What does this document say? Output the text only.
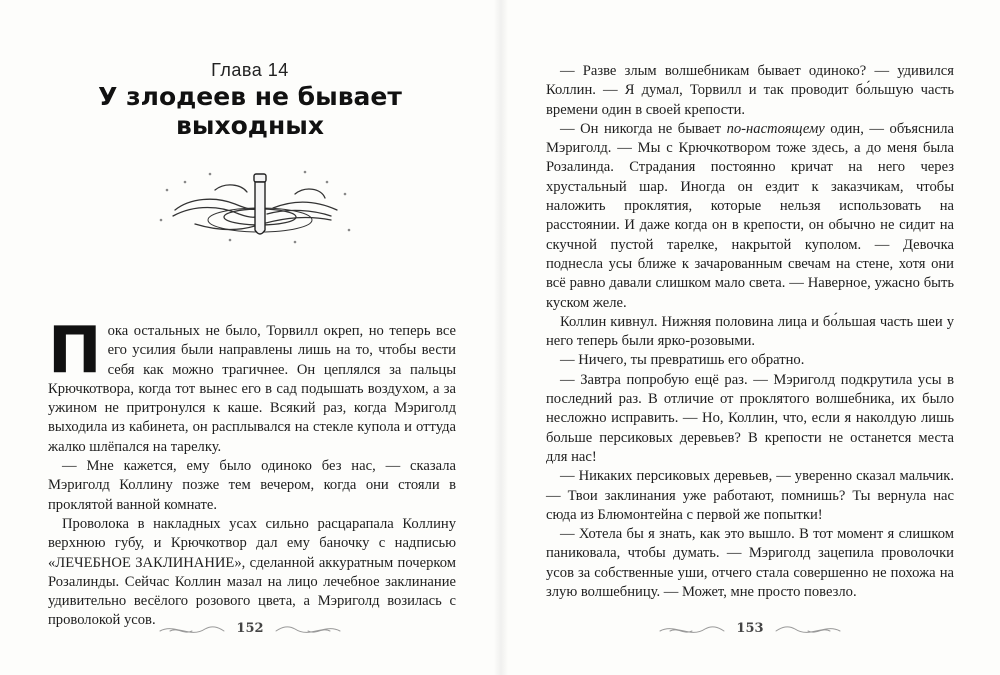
Глава 14
У злодеев не бывает
выходных

Пока остальных не было, Торвилл окреп, но теперь все его усилия были направлены лишь на то, чтобы вести себя как можно трагичнее. Он цеплялся за пальцы Крючкотвора, когда тот вынес его в сад подышать воздухом, а за ужином не притронулся к каше. Всякий раз, когда Мэриголд выходила из кабинета, он расплывался на стекле купола и оттуда жалко шлёпался на тарелку.

— Мне кажется, ему было одиноко без нас, — сказала Мэриголд Коллину позже тем вечером, когда они стояли в проклятой ванной комнате.

Проволока в накладных усах сильно расцарапала Коллину верхнюю губу, и Крючкотвор дал ему баночку с надписью «ЛЕЧЕБНОЕ ЗАКЛИНАНИЕ», сделанной аккуратным почерком Розалинды. Сейчас Коллин мазал на лицо лечебное заклинание удивительно весёлого розового цвета, а Мэриголд возилась с проволокой усов.

152

— Разве злым волшебникам бывает одиноко? — удивился Коллин. — Я думал, Торвилл и так проводит бо́льшую часть времени один в своей крепости.

— Он никогда не бывает по-настоящему один, — объяснила Мэриголд. — Мы с Крючкотвором тоже здесь, а до меня была Розалинда. Страдания постоянно кричат на него через хрустальный шар. Иногда он ездит к заказчикам, чтобы наложить проклятия, которые нельзя использовать на расстоянии. И даже когда он в крепости, он обычно не сидит на скучной пустой тарелке, накрытой куполом. — Девочка поднесла усы ближе к зачарованным свечам на стене, хотя они всё равно давали слишком мало света. — Наверное, ужасно быть куском желе.

Коллин кивнул. Нижняя половина лица и бо́льшая часть шеи у него теперь были ярко-розовыми.

— Ничего, ты превратишь его обратно.

— Завтра попробую ещё раз. — Мэриголд подкрутила усы в последний раз. В отличие от проклятого волшебника, их было несложно исправить. — Но, Коллин, что, если я наколдую лишь больше персиковых деревьев? В крепости не останется места для нас!

— Никаких персиковых деревьев, — уверенно сказал мальчик. — Твои заклинания уже работают, помнишь? Ты вернула нас сюда из Блюмонтейна с первой же попытки!

— Хотела бы я знать, как это вышло. В тот момент я слишком паниковала, чтобы думать. — Мэриголд зацепила проволочки усов за собственные уши, отчего стала совершенно не похожа на злую волшебницу. — Может, мне просто повезло.

153
